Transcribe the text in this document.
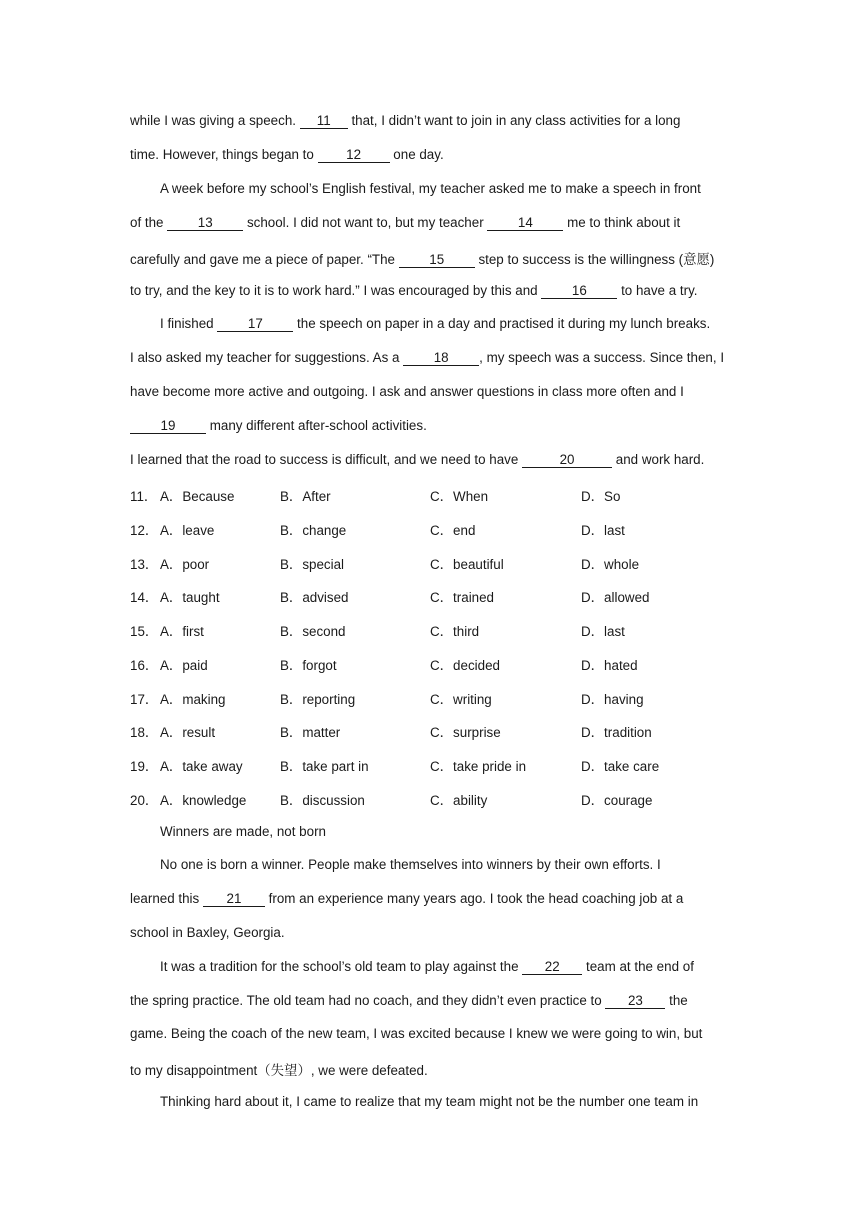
while I was giving a speech. 11 that, I didn’t want to join in any class activities for a long
time. However, things began to 12 one day.
A week before my school’s English festival, my teacher asked me to make a speech in front
of the 13 school. I did not want to, but my teacher 14 me to think about it
carefully and gave me a piece of paper. “The 15 step to success is the willingness (意愿)
to try, and the key to it is to work hard.” I was encouraged by this and 16 to have a try.
I finished 17 the speech on paper in a day and practised it during my lunch breaks.
I also asked my teacher for suggestions. As a 18 , my speech was a success. Since then, I
have become more active and outgoing. I ask and answer questions in class more often and I
19 many different after-school activities.
I learned that the road to success is difficult, and we need to have	20	and work hard.
11． A．Because	B．After	C．When	D．So
12． A．leave	B．change	C．end	D．last
13． A．poor	B．special	C．beautiful	D．whole
14． A．taught	B．advised	C．trained	D．allowed
15． A．first	B．second	C．third	D．last
16． A．paid	B．forgot	C．decided	D．hated
17． A．making	B．reporting	C．writing	D．having
18． A．result	B．matter	C．surprise	D．tradition
19． A．take away	B．take part in	C．take pride in	D．take care
20． A．knowledge	B．discussion	C．ability	D．courage
Winners are made, not born
No one is born a winner. People make themselves into winners by their own efforts. I
learned this 21 from an experience many years ago. I took the head coaching job at a
school in Baxley, Georgia.
It was a tradition for the school’s old team to play against the 22 team at the end of
the spring practice. The old team had no coach, and they didn’t even practice to 23 the
game. Being the coach of the new team, I was excited because I knew we were going to win, but
to my disappointment（失望）, we were defeated.
Thinking hard about it, I came to realize that my team might not be the number one team in
